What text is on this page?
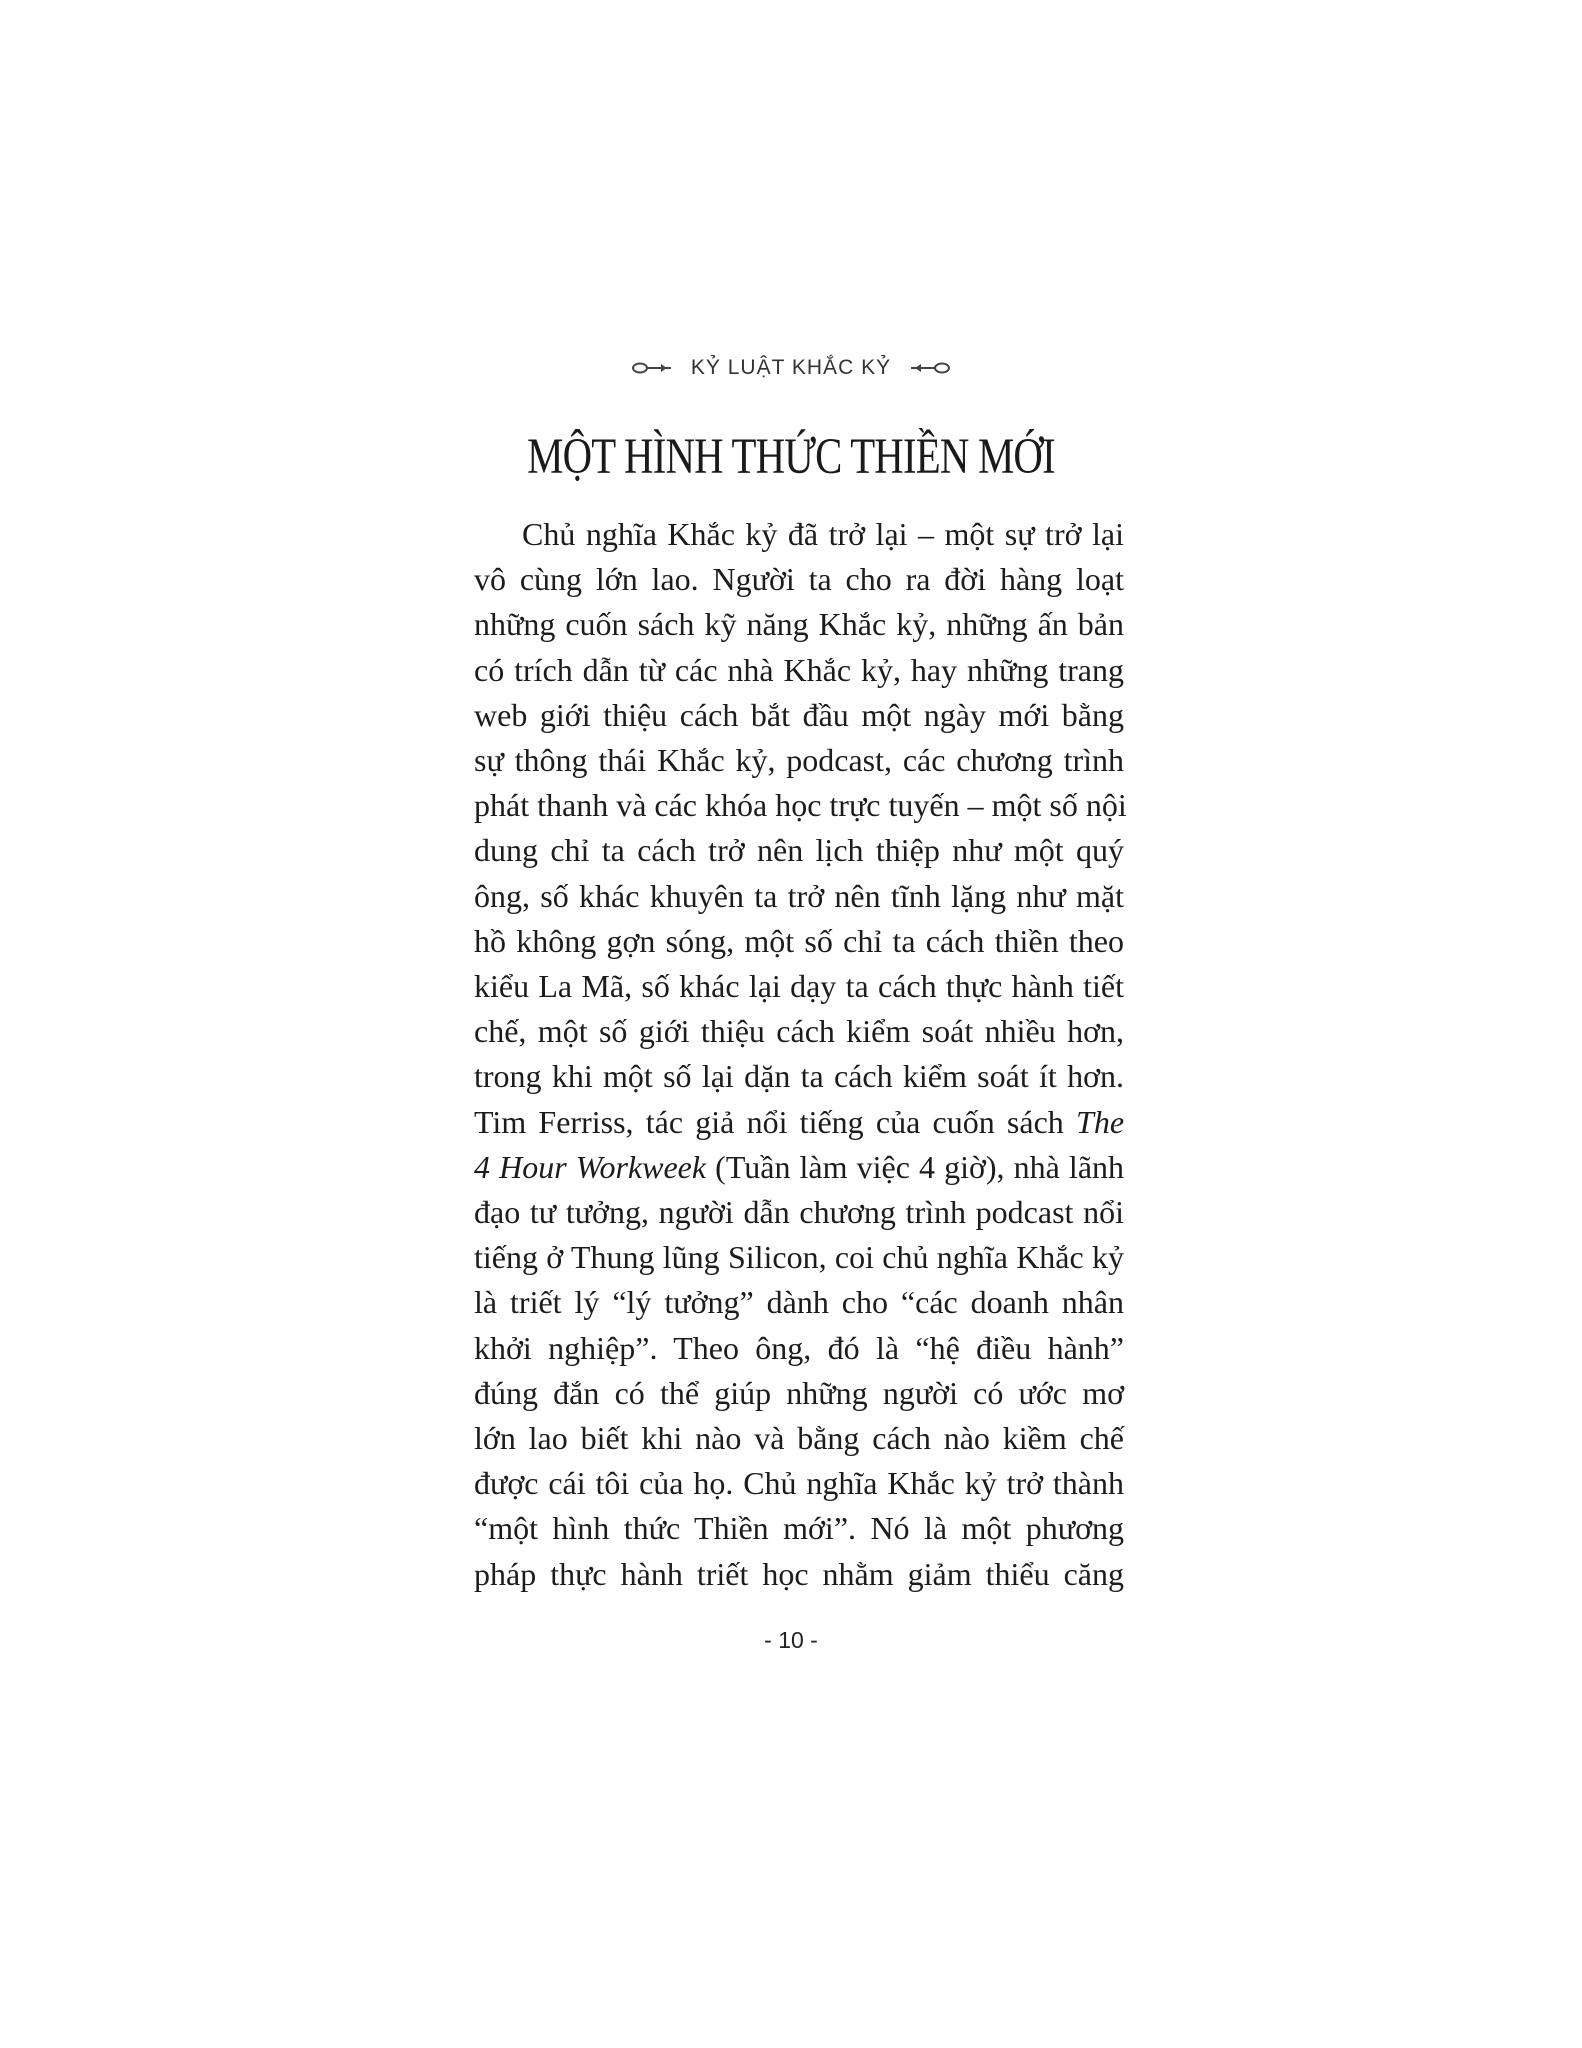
KỶ LUẬT KHẮC KỶ
MỘT HÌNH THỨC THIỀN MỚI
Chủ nghĩa Khắc kỷ đã trở lại – một sự trở lại
vô cùng lớn lao. Người ta cho ra đời hàng loạt
những cuốn sách kỹ năng Khắc kỷ, những ấn bản
có trích dẫn từ các nhà Khắc kỷ, hay những trang
web giới thiệu cách bắt đầu một ngày mới bằng
sự thông thái Khắc kỷ, podcast, các chương trình
phát thanh và các khóa học trực tuyến – một số nội
dung chỉ ta cách trở nên lịch thiệp như một quý
ông, số khác khuyên ta trở nên tĩnh lặng như mặt
hồ không gợn sóng, một số chỉ ta cách thiền theo
kiểu La Mã, số khác lại dạy ta cách thực hành tiết
chế, một số giới thiệu cách kiểm soát nhiều hơn,
trong khi một số lại dặn ta cách kiểm soát ít hơn.
Tim Ferriss, tác giả nổi tiếng của cuốn sách The
4 Hour Workweek (Tuần làm việc 4 giờ), nhà lãnh
đạo tư tưởng, người dẫn chương trình podcast nổi
tiếng ở Thung lũng Silicon, coi chủ nghĩa Khắc kỷ
là triết lý “lý tưởng” dành cho “các doanh nhân
khởi nghiệp”. Theo ông, đó là “hệ điều hành”
đúng đắn có thể giúp những người có ước mơ
lớn lao biết khi nào và bằng cách nào kiềm chế
được cái tôi của họ. Chủ nghĩa Khắc kỷ trở thành
“một hình thức Thiền mới”. Nó là một phương
pháp thực hành triết học nhằm giảm thiểu căng
- 10 -
